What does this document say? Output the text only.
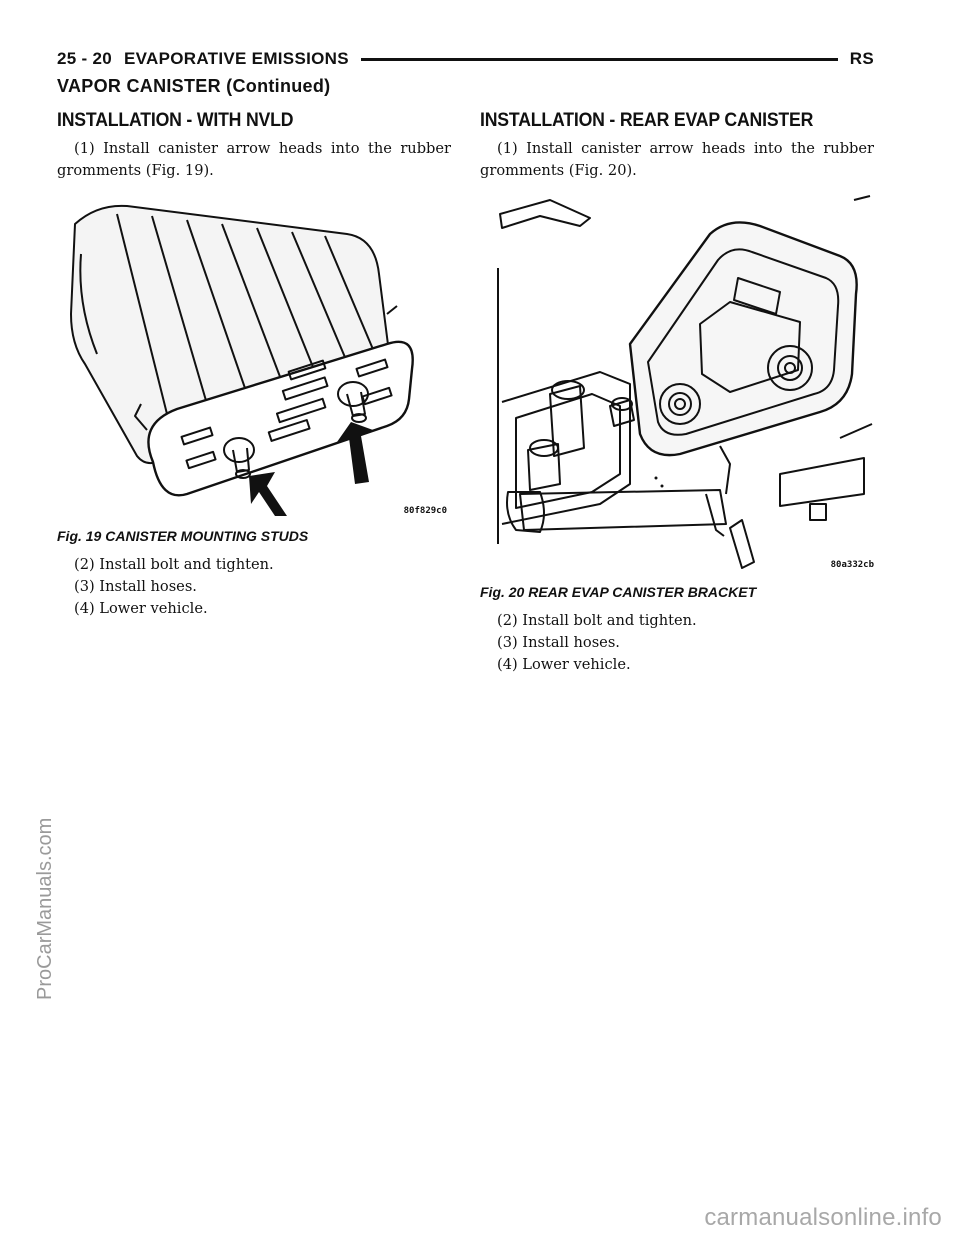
25 - 20 EVAPORATIVE EMISSIONS	RS
VAPOR CANISTER (Continued)
INSTALLATION - WITH NVLD

(1) Install canister arrow heads into the rubber gromments (Fig. 19).

80f829c0
Fig. 19 CANISTER MOUNTING STUDS
(2) Install bolt and tighten.
(3) Install hoses.
(4) Lower vehicle.
INSTALLATION - REAR EVAP CANISTER

(1) Install canister arrow heads into the rubber gromments (Fig. 20).

80a332cb
Fig. 20 REAR EVAP CANISTER BRACKET
(2) Install bolt and tighten.
(3) Install hoses.
(4) Lower vehicle.
ProCarManuals.com
carmanualsonline.info
